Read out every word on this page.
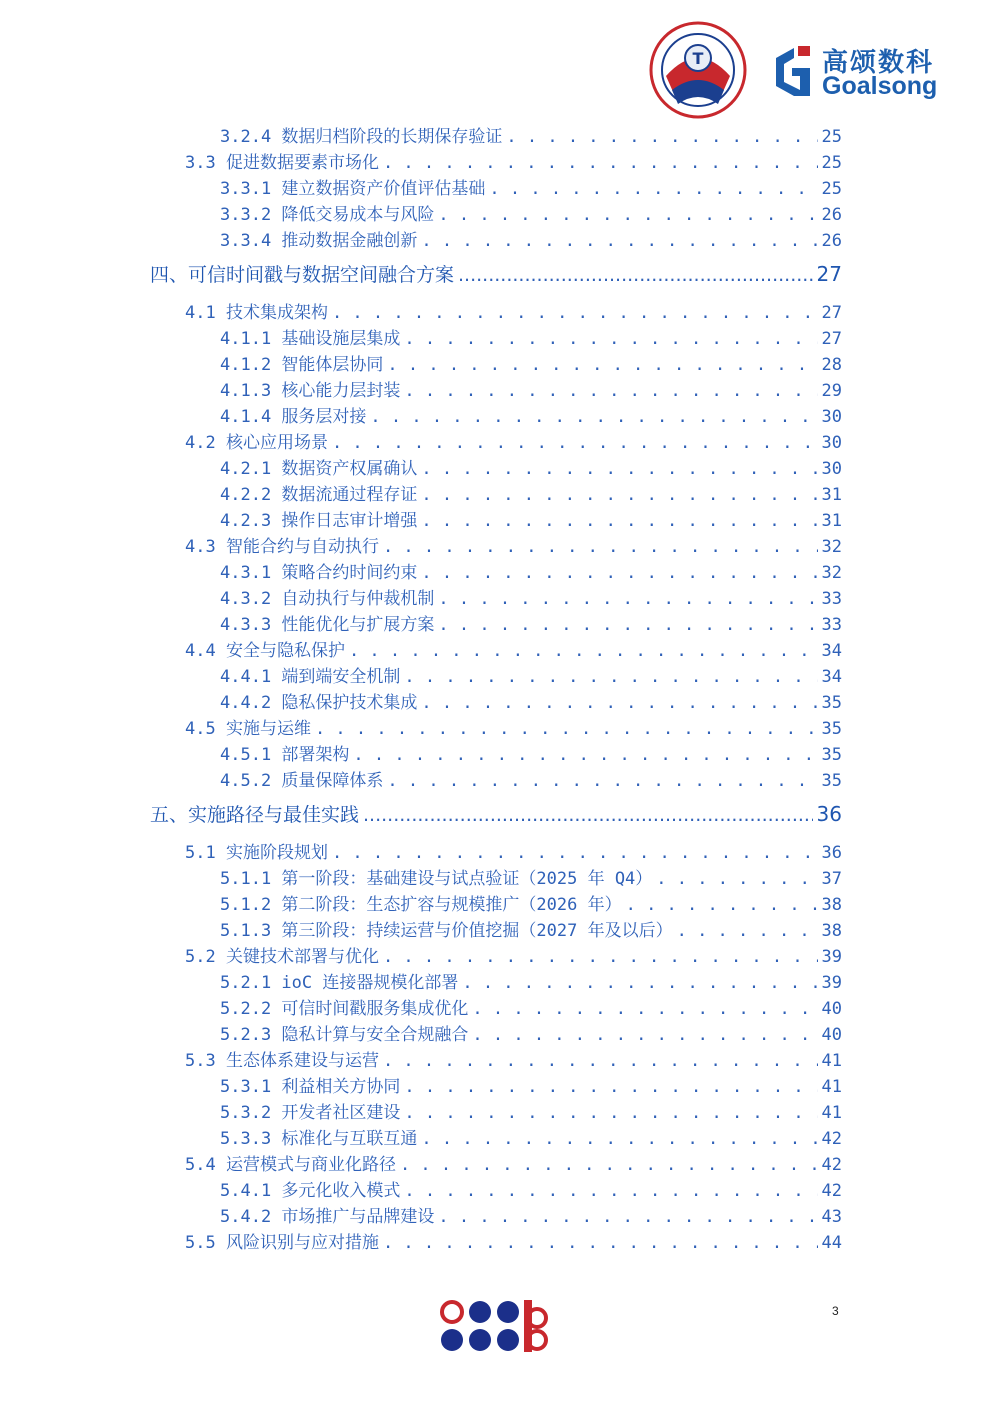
T	高颂数科
Goalsong
3.2.4 数据归档阶段的长期保存验证 . . .	25
3.3 促进数据要素市场化 . . .	25
3.3.1 建立数据资产价值评估基础 . . .	25
3.3.2 降低交易成本与风险 . . .	26
3.3.4 推动数据金融创新 . . .	26
四、可信时间戳与数据空间融合方案 .....	27
4.1 技术集成架构 . . .	27
4.1.1 基础设施层集成 . . .	27
4.1.2 智能体层协同 . . .	28
4.1.3 核心能力层封装 . . .	29
4.1.4 服务层对接 . . .	30
4.2 核心应用场景 . . .	30
4.2.1 数据资产权属确认 . . .	30
4.2.2 数据流通过程存证 . . .	31
4.2.3 操作日志审计增强 . . .	31
4.3 智能合约与自动执行 . . .	32
4.3.1 策略合约时间约束 . . .	32
4.3.2 自动执行与仲裁机制 . . .	33
4.3.3 性能优化与扩展方案 . . .	33
4.4 安全与隐私保护 . . .	34
4.4.1 端到端安全机制 . . .	34
4.4.2 隐私保护技术集成 . . .	35
4.5 实施与运维 . . .	35
4.5.1 部署架构 . . .	35
4.5.2 质量保障体系 . . .	35
五、实施路径与最佳实践 .....	36
5.1 实施阶段规划 . . .	36
5.1.1 第一阶段：基础建设与试点验证（2025 年 Q4） . . .	37
5.1.2 第二阶段：生态扩容与规模推广（2026 年） . . .	38
5.1.3 第三阶段：持续运营与价值挖掘（2027 年及以后） . . .	38
5.2 关键技术部署与优化 . . .	39
5.2.1 ioC 连接器规模化部署 . . .	39
5.2.2 可信时间戳服务集成优化 . . .	40
5.2.3 隐私计算与安全合规融合 . . .	40
5.3 生态体系建设与运营 . . .	41
5.3.1 利益相关方协同 . . .	41
5.3.2 开发者社区建设 . . .	41
5.3.3 标准化与互联互通 . . .	42
5.4 运营模式与商业化路径 . . .	42
5.4.1 多元化收入模式 . . .	42
5.4.2 市场推广与品牌建设 . . .	43
5.5 风险识别与应对措施 . . .	44
3
